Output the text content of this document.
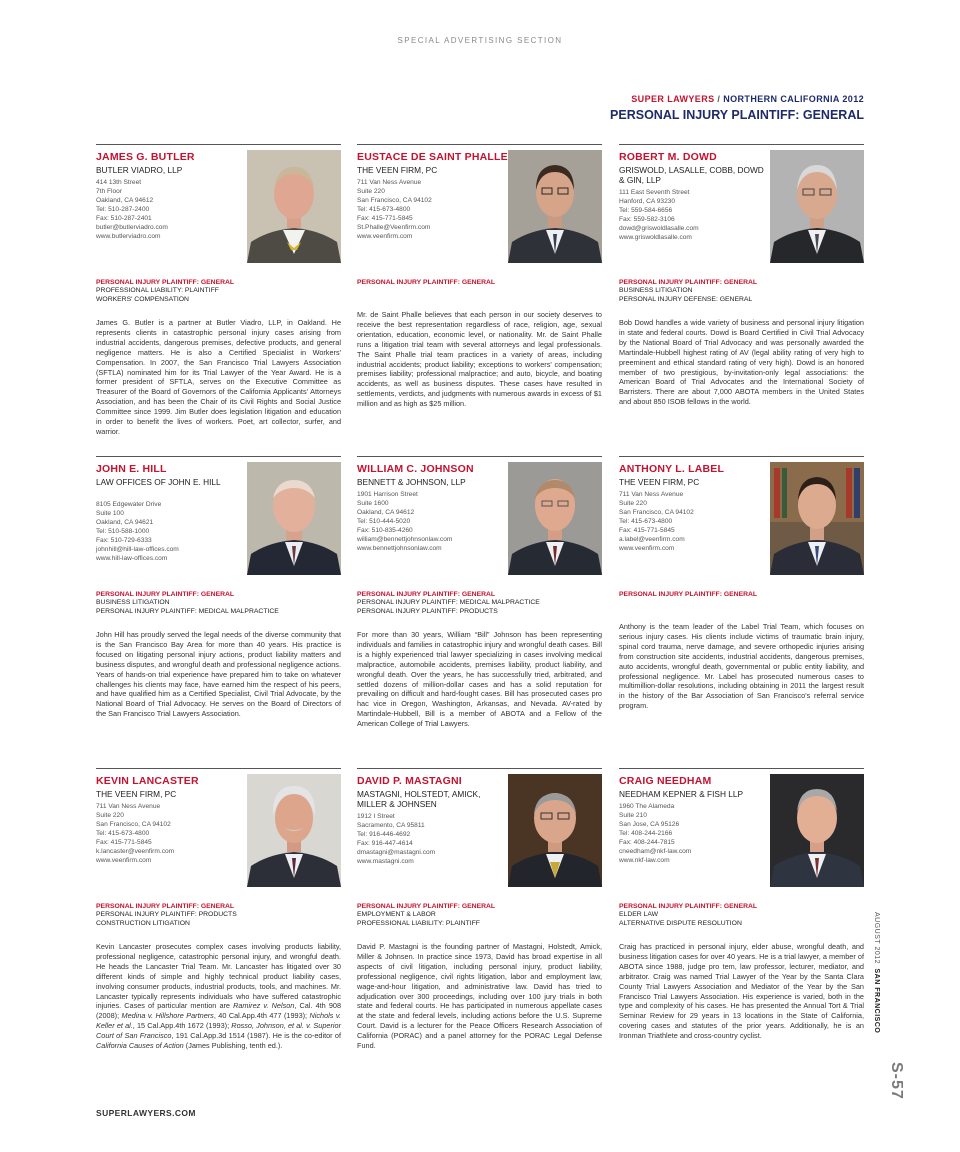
SPECIAL ADVERTISING SECTION
SUPER LAWYERS / NORTHERN CALIFORNIA 2012
PERSONAL INJURY PLAINTIFF: GENERAL
JAMES G. BUTLER
BUTLER VIADRO, LLP
414 13th Street
7th Floor
Oakland, CA 94612
Tel: 510-287-2400
Fax: 510-287-2401
butler@butlerviadro.com
www.butlerviadro.com
PERSONAL INJURY PLAINTIFF: GENERAL
PROFESSIONAL LIABILITY: PLAINTIFF
WORKERS' COMPENSATION
James G. Butler is a partner at Butler Viadro, LLP, in Oakland. He represents clients in catastrophic personal injury cases arising from industrial accidents, dangerous premises, defective products, and general negligence matters. He is also a Certified Specialist in Workers' Compensation. In 2007, the San Francisco Trial Lawyers Association (SFTLA) nominated him for its Trial Lawyer of the Year Award. He is a former president of SFTLA, serves on the Executive Committee as Treasurer of the Board of Governors of the California Applicants' Attorneys Association, and has been the Chair of its Civil Rights and Social Justice Committee since 1999. Jim Butler does legislation litigation and education in order to benefit the lives of workers. Poet, art collector, surfer, and warrior.
EUSTACE DE SAINT PHALLE
THE VEEN FIRM, PC
711 Van Ness Avenue
Suite 220
San Francisco, CA 94102
Tel: 415-673-4800
Fax: 415-771-5845
St.Phalle@Veenfirm.com
www.veenfirm.com
PERSONAL INJURY PLAINTIFF: GENERAL
Mr. de Saint Phalle believes that each person in our society deserves to receive the best representation regardless of race, religion, age, sexual orientation, education, economic level, or nationality. Mr. de Saint Phalle runs a litigation trial team with several attorneys and legal professionals. The Saint Phalle trial team practices in a variety of areas, including industrial accidents; product liability; exceptions to workers' compensation; premises liability; professional malpractice; and auto, bicycle, and boating accidents, as well as business disputes. These cases have resulted in settlements, verdicts, and judgments with numerous awards in excess of $1 million and as high as $25 million.
ROBERT M. DOWD
GRISWOLD, LASALLE, COBB, DOWD & GIN, LLP
111 East Seventh Street
Hanford, CA 93230
Tel: 559-584-6656
Fax: 559-582-3106
dowd@griswoldlasalle.com
www.griswoldlasalle.com
PERSONAL INJURY PLAINTIFF: GENERAL
BUSINESS LITIGATION
PERSONAL INJURY DEFENSE: GENERAL
Bob Dowd handles a wide variety of business and personal injury litigation in state and federal courts. Dowd is Board Certified in Civil Trial Advocacy by the National Board of Trial Advocacy and was personally awarded the Martindale-Hubbell highest rating of AV (legal ability rating of very high to preeminent and ethical standard rating of very high). Dowd is an honored member of two prestigious, by-invitation-only legal associations: the American Board of Trial Advocates and the International Society of Barristers. There are about 7,000 ABOTA members in the United States and about 850 ISOB fellows in the world.
JOHN E. HILL
LAW OFFICES OF JOHN E. HILL
8105 Edgewater Drive
Suite 100
Oakland, CA 94621
Tel: 510-588-1000
Fax: 510-729-6333
johnhill@hill-law-offices.com
www.hill-law-offices.com
PERSONAL INJURY PLAINTIFF: GENERAL
BUSINESS LITIGATION
PERSONAL INJURY PLAINTIFF: MEDICAL MALPRACTICE
John Hill has proudly served the legal needs of the diverse community that is the San Francisco Bay Area for more than 40 years. His practice is focused on litigating personal injury actions, product liability matters and business disputes, and wrongful death and professional negligence actions. Years of hands-on trial experience have prepared him to take on whatever challenges his clients may face, have earned him the respect of his peers, and have qualified him as a Certified Specialist, Civil Trial Advocate, by the National Board of Trial Advocacy. He serves on the Board of Directors of the San Francisco Trial Lawyers Association.
WILLIAM C. JOHNSON
BENNETT & JOHNSON, LLP
1901 Harrison Street
Suite 1600
Oakland, CA 94612
Tel: 510-444-5020
Fax: 510-835-4260
william@bennettjohnsonlaw.com
www.bennettjohnsonlaw.com
PERSONAL INJURY PLAINTIFF: GENERAL
PERSONAL INJURY PLAINTIFF: MEDICAL MALPRACTICE
PERSONAL INJURY PLAINTIFF: PRODUCTS
For more than 30 years, William “Bill” Johnson has been representing individuals and families in catastrophic injury and wrongful death cases. Bill is a highly experienced trial lawyer specializing in cases involving medical malpractice, automobile accidents, premises liability, product liability, and wrongful death. Over the years, he has successfully tried, arbitrated, and settled dozens of million-dollar cases and has a solid reputation for prevailing on difficult and hard-fought cases. Bill has prosecuted cases pro hac vice in Oregon, Washington, Arkansas, and Nevada. AV-rated by Martindale-Hubbell, Bill is a member of ABOTA and a Fellow of the American College of Trial Lawyers.
ANTHONY L. LABEL
THE VEEN FIRM, PC
711 Van Ness Avenue
Suite 220
San Francisco, CA 94102
Tel: 415-673-4800
Fax: 415-771-5845
a.label@veenfirm.com
www.veenfirm.com
PERSONAL INJURY PLAINTIFF: GENERAL
Anthony is the team leader of the Label Trial Team, which focuses on serious injury cases. His clients include victims of traumatic brain injury, spinal cord trauma, nerve damage, and severe orthopedic injuries arising from construction site accidents, industrial accidents, dangerous premises, auto accidents, wrongful death, governmental or public entity liability, and professional negligence. Mr. Label has prosecuted numerous cases to multimillion-dollar resolutions, including obtaining in 2011 the largest result in the history of the Bar Association of San Francisco's referral service program.
KEVIN LANCASTER
THE VEEN FIRM, PC
711 Van Ness Avenue
Suite 220
San Francisco, CA 94102
Tel: 415-673-4800
Fax: 415-771-5845
k.lancaster@veenfirm.com
www.veenfirm.com
PERSONAL INJURY PLAINTIFF: GENERAL
PERSONAL INJURY PLAINTIFF: PRODUCTS
CONSTRUCTION LITIGATION
Kevin Lancaster prosecutes complex cases involving products liability, professional negligence, catastrophic personal injury, and wrongful death. He heads the Lancaster Trial Team. Mr. Lancaster has litigated over 30 different kinds of simple and highly technical product liability cases, involving consumer products, industrial products, tools, and machines. Mr. Lancaster typically represents individuals who have suffered catastrophic injuries. Cases of particular mention are Ramirez v. Nelson, Cal. 4th 908 (2008); Medina v. Hillshore Partners, 40 Cal.App.4th 477 (1993); Nichols v. Keller et al., 15 Cal.App.4th 1672 (1993); Rosso, Johnson, et al. v. Superior Court of San Francisco, 191 Cal.App.3d 1514 (1987). He is the co-editor of California Causes of Action (James Publishing, tenth ed.).
DAVID P. MASTAGNI
MASTAGNI, HOLSTEDT, AMICK, MILLER & JOHNSEN
1912 I Street
Sacramento, CA 95811
Tel: 916-446-4692
Fax: 916-447-4614
dmastagni@mastagni.com
www.mastagni.com
PERSONAL INJURY PLAINTIFF: GENERAL
EMPLOYMENT & LABOR
PROFESSIONAL LIABILITY: PLAINTIFF
David P. Mastagni is the founding partner of Mastagni, Holstedt, Amick, Miller & Johnsen. In practice since 1973, David has broad expertise in all aspects of civil litigation, including personal injury, product liability, professional negligence, civil rights litigation, labor and employment law, wage-and-hour litigation, and administrative law. David has tried to adjudication over 300 proceedings, including over 100 jury trials in both state and federal courts. He has participated in numerous appellate cases at the state and federal levels, including actions before the U.S. Supreme Court. David is a lecturer for the Peace Officers Research Association of California (PORAC) and a panel attorney for the PORAC Legal Defense Fund.
CRAIG NEEDHAM
NEEDHAM KEPNER & FISH LLP
1960 The Alameda
Suite 210
San Jose, CA 95126
Tel: 408-244-2166
Fax: 408-244-7815
cneedham@nkf-law.com
www.nkf-law.com
PERSONAL INJURY PLAINTIFF: GENERAL
ELDER LAW
ALTERNATIVE DISPUTE RESOLUTION
Craig has practiced in personal injury, elder abuse, wrongful death, and business litigation cases for over 40 years. He is a trial lawyer, a member of ABOTA since 1988, judge pro tem, law professor, lecturer, mediator, and arbitrator. Craig was named Trial Lawyer of the Year by the Santa Clara County Trial Lawyers Association and Mediator of the Year by the San Francisco Trial Lawyers Association. His experience is varied, both in the type and complexity of his cases. He has presented the Annual Tort & Trial Seminar Review for 29 years in 13 locations in the State of California, covering cases and statutes of the prior years. Additionally, he is an Ironman Triathlete and cross-country cyclist.
SUPERLAWYERS.COM
AUGUST 2012 SAN FRANCISCO
S-57
